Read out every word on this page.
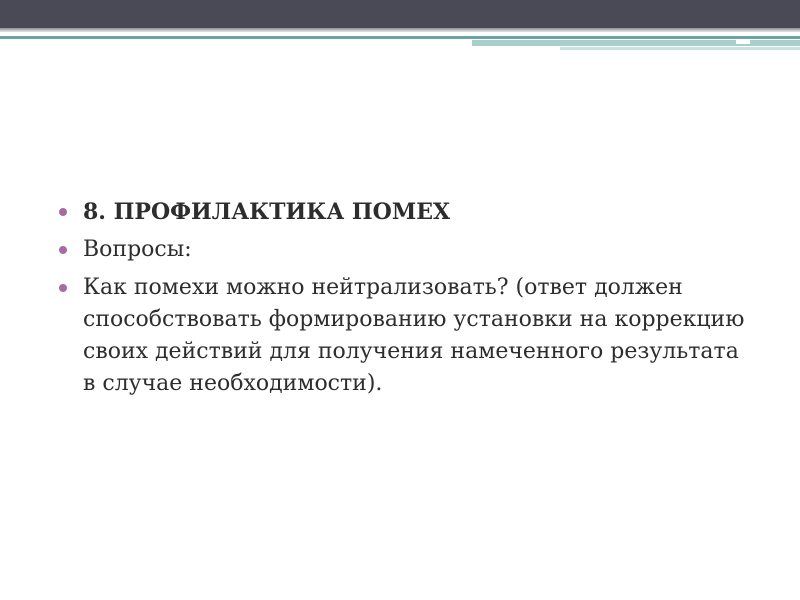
8. ПРОФИЛАКТИКА ПОМЕХ
Вопросы:
Как помехи можно нейтрализовать? (ответ должен способствовать формированию установки на коррекцию своих действий для получения намеченного результата в случае необходимости).
